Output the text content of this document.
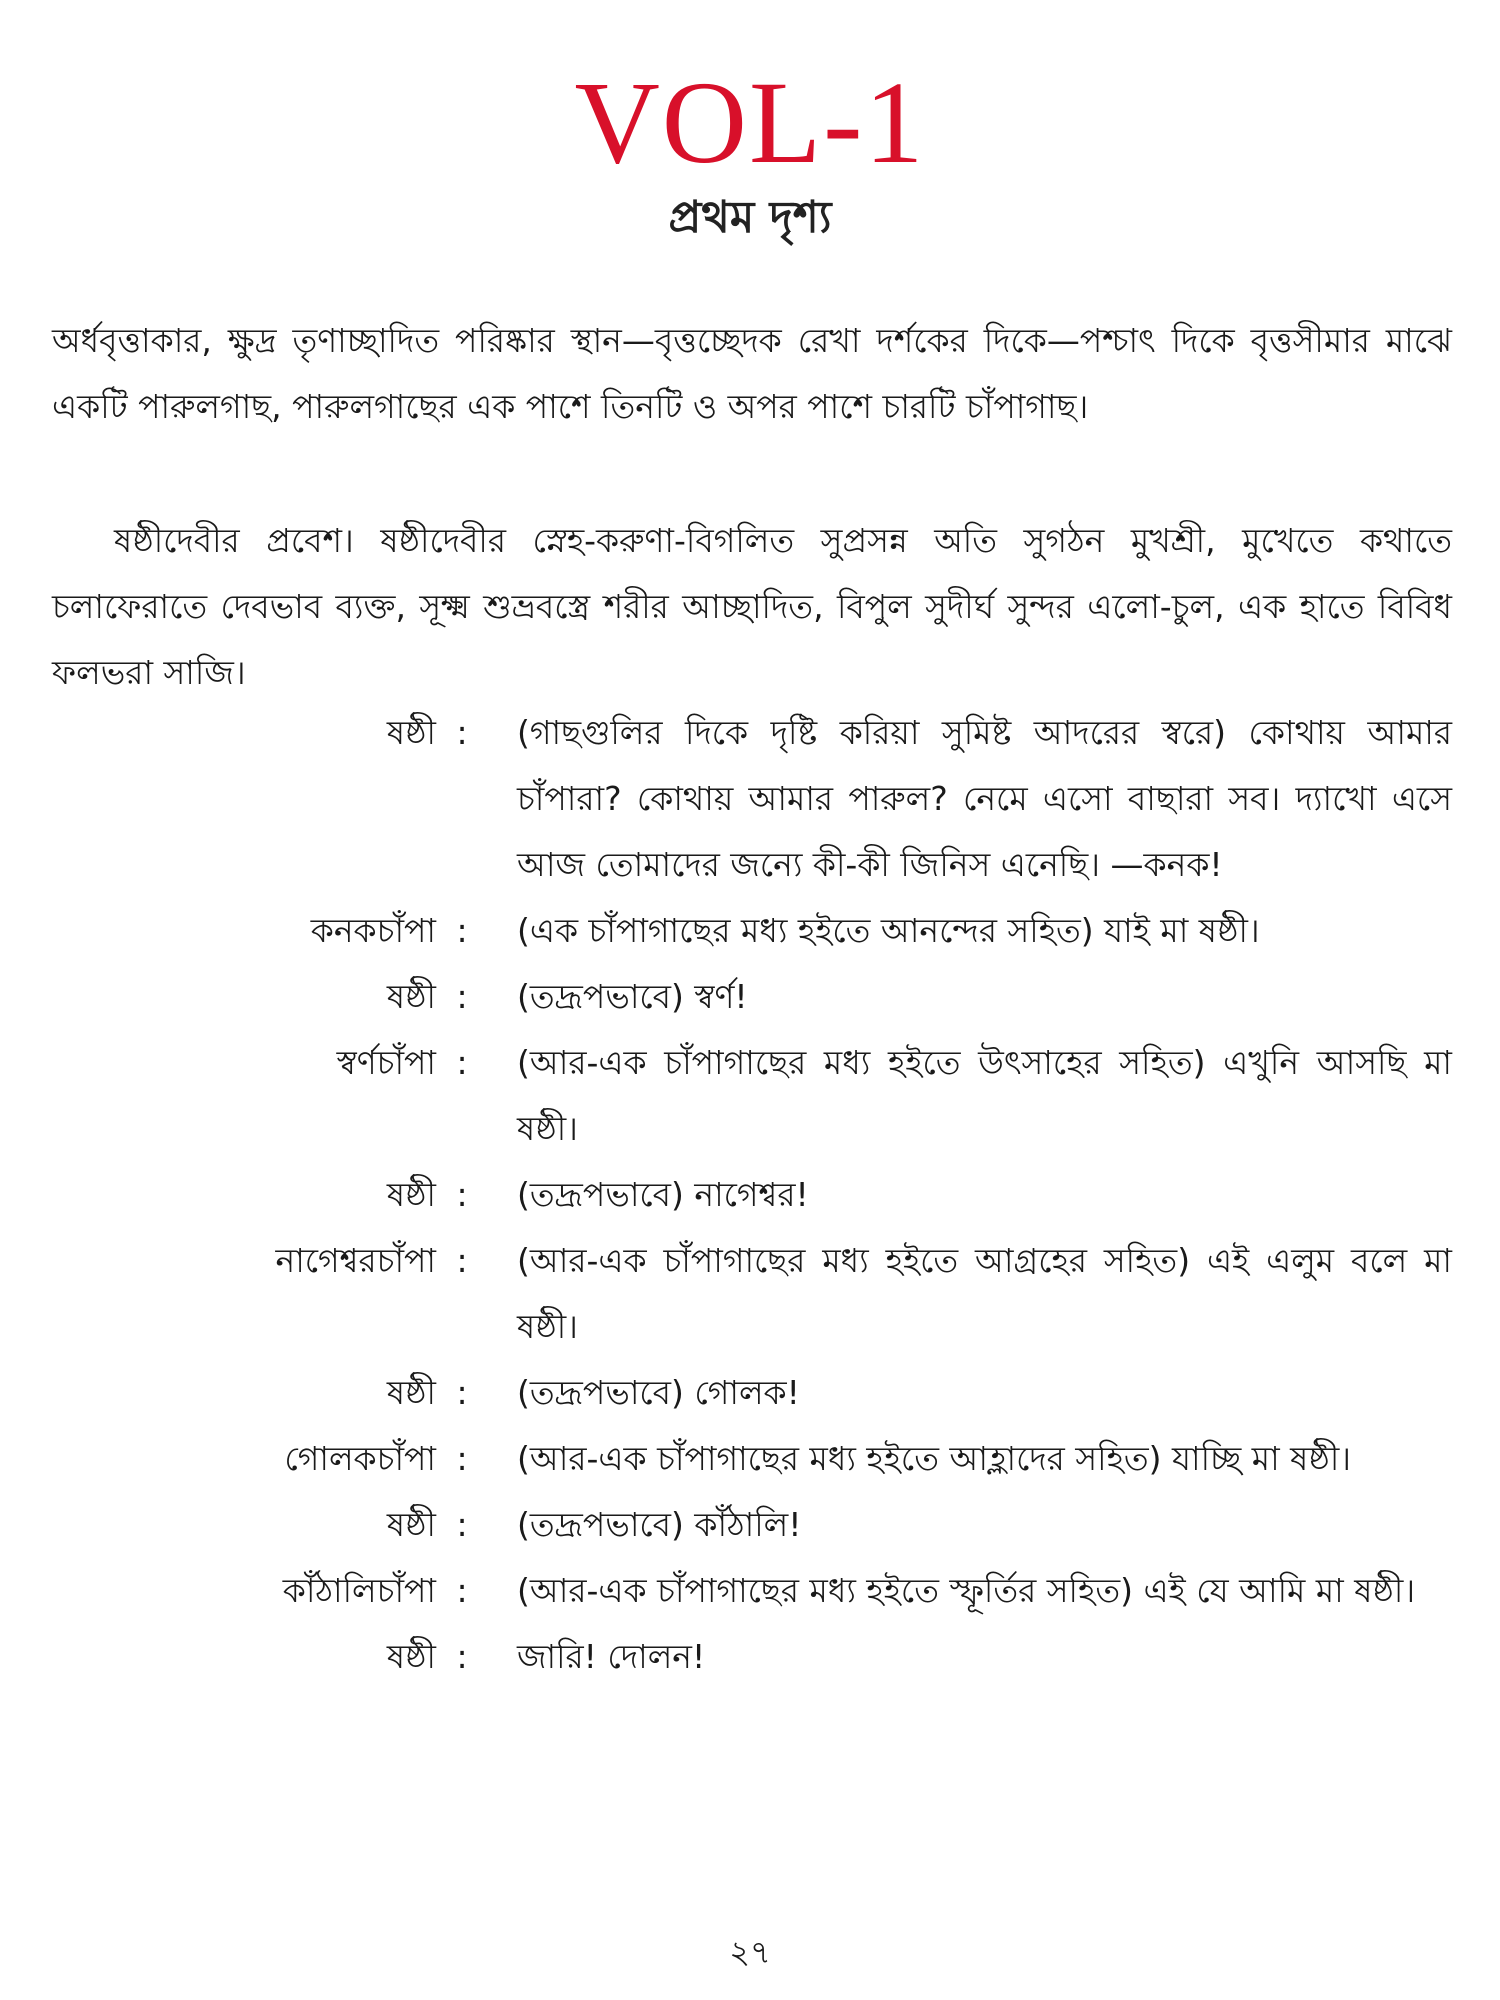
VOL-1
প্রথম দৃশ্য

অর্ধবৃত্তাকার, ক্ষুদ্র তৃণাচ্ছাদিত পরিষ্কার স্থান—বৃত্তচ্ছেদক রেখা দর্শকের দিকে—পশ্চাৎ দিকে বৃত্তসীমার মাঝে একটি পারুলগাছ, পারুলগাছের এক পাশে তিনটি ও অপর পাশে চারটি চাঁপাগাছ।

ষষ্ঠীদেবীর প্রবেশ। ষষ্ঠীদেবীর স্নেহ-করুণা-বিগলিত সুপ্রসন্ন অতি সুগঠন মুখশ্রী, মুখেতে কথাতে চলাফেরাতে দেবভাব ব্যক্ত, সূক্ষ্ম শুভ্রবস্ত্রে শরীর আচ্ছাদিত, বিপুল সুদীর্ঘ সুন্দর এলো-চুল, এক হাতে বিবিধ ফলভরা সাজি।

ষষ্ঠী : (গাছগুলির দিকে দৃষ্টি করিয়া সুমিষ্ট আদরের স্বরে) কোথায় আমার চাঁপারা? কোথায় আমার পারুল? নেমে এসো বাছারা সব। দ্যাখো এসে আজ তোমাদের জন্যে কী-কী জিনিস এনেছি। —কনক!
কনকচাঁপা : (এক চাঁপাগাছের মধ্য হইতে আনন্দের সহিত) যাই মা ষষ্ঠী।
ষষ্ঠী : (তদ্রূপভাবে) স্বর্ণ!
স্বর্ণচাঁপা : (আর-এক চাঁপাগাছের মধ্য হইতে উৎসাহের সহিত) এখুনি আসছি মা ষষ্ঠী।
ষষ্ঠী : (তদ্রূপভাবে) নাগেশ্বর!
নাগেশ্বরচাঁপা : (আর-এক চাঁপাগাছের মধ্য হইতে আগ্রহের সহিত) এই এলুম বলে মা ষষ্ঠী।
ষষ্ঠী : (তদ্রূপভাবে) গোলক!
গোলকচাঁপা : (আর-এক চাঁপাগাছের মধ্য হইতে আহ্লাদের সহিত) যাচ্ছি মা ষষ্ঠী।
ষষ্ঠী : (তদ্রূপভাবে) কাঁঠালি!
কাঁঠালিচাঁপা : (আর-এক চাঁপাগাছের মধ্য হইতে স্ফূর্তির সহিত) এই যে আমি মা ষষ্ঠী।
ষষ্ঠী : জারি! দোলন!
২৭
